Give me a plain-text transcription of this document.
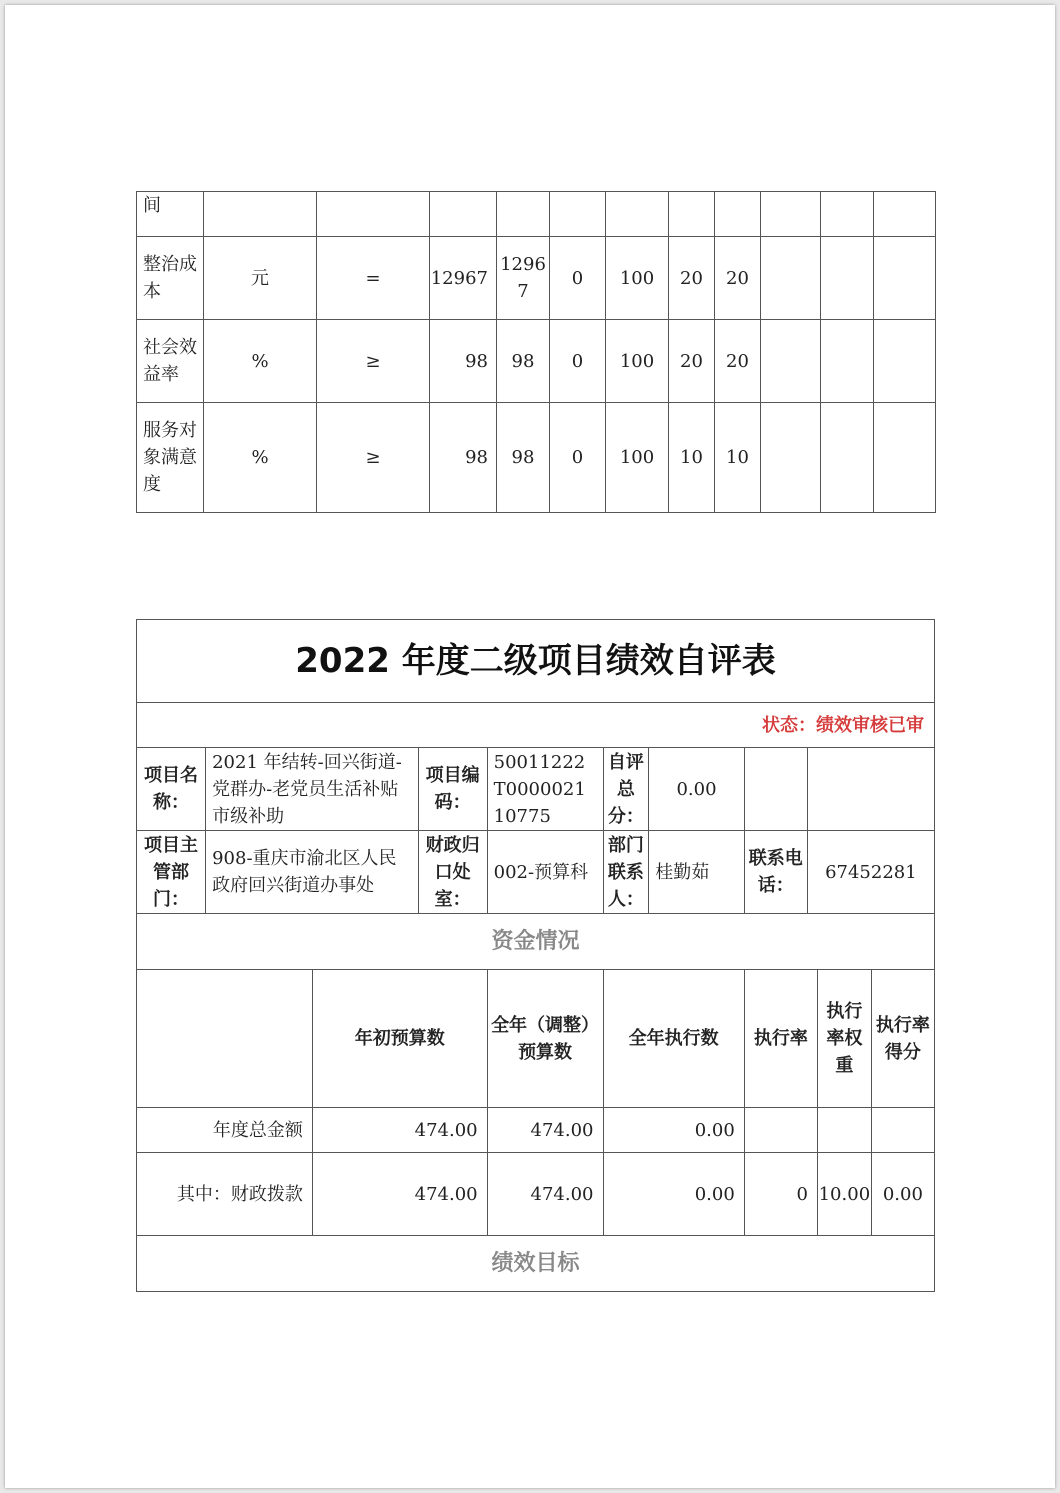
间											
整治成本	元	=	12967	12967	0	100	20	20			
社会效益率	%	≥	98	98	0	100	20	20			
服务对象满意度	%	≥	98	98	0	100	10	10			
2022 年度二级项目绩效自评表										
状态：绩效审核已审										
项目名称：	2021 年结转-回兴街道-党群办-老党员生活补贴市级补助		项目编码：	50011222T000002110775	自评总分：	0.00				
项目主管部门：	908-重庆市渝北区人民政府回兴街道办事处		财政归口处室：	002-预算科	部门联系人：	桂勤茹	联系电话：	67452281		
资金情况										
		年初预算数		全年（调整）预算数	全年执行数		执行率		执行率权重	执行率得分
年度总金额		474.00		474.00	0.00					
其中：财政拨款		474.00		474.00	0.00		0		10.00	0.00
绩效目标										
